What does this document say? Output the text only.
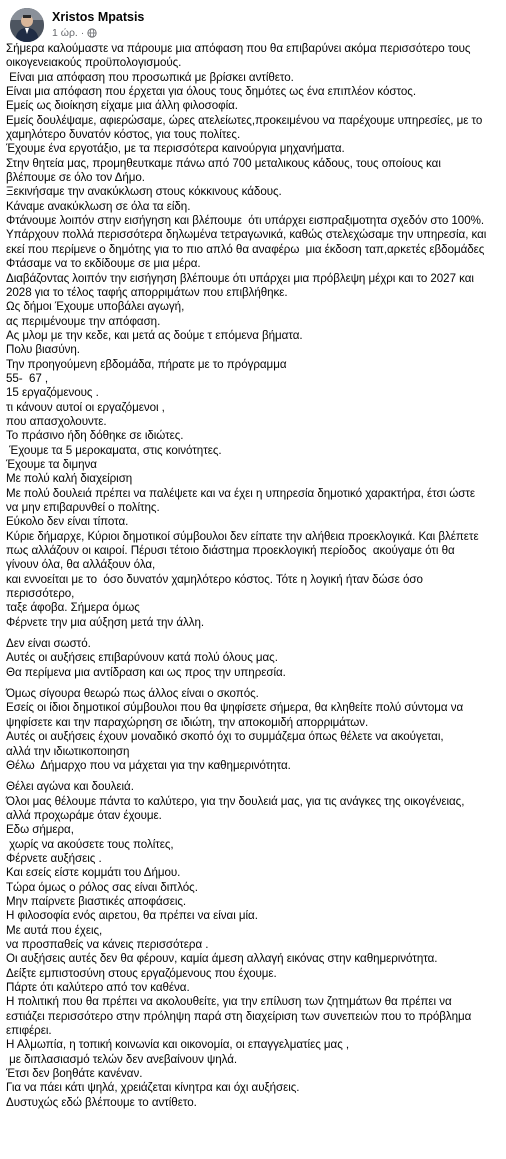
Xristos Mpatsis
1 ώρ. ·
Σήμερα καλούμαστε να πάρουμε μια απόφαση που θα επιβαρύνει ακόμα περισσότερο τους
οικογενειακούς προϋπολογισμούς.
Είναι μια απόφαση που προσωπικά με βρίσκει αντίθετο.
Είναι μια απόφαση που έρχεται για όλους τους δημότες ως ένα επιπλέον κόστος.
Εμείς ως διοίκηση είχαμε μια άλλη φιλοσοφία.
Εμείς δουλέψαμε, αφιερώσαμε, ώρες ατελείωτες,προκειμένου να παρέχουμε υπηρεσίες, με το
χαμηλότερο δυνατόν κόστος, για τους πολίτες.
Έχουμε ένα εργοτάξιο, με τα περισσότερα καινούργια μηχανήματα.
Στην θητεία μας, προμηθευτκαμε πάνω από 700 μεταλικους κάδους, τους οποίους και
βλέπουμε σε όλο τον Δήμο.
Ξεκινήσαμε την ανακύκλωση στους κόκκινους κάδους.
Κάναμε ανακύκλωση σε όλα τα είδη.
Φτάνουμε λοιπόν στην εισήγηση και βλέπουμε  ότι υπάρχει εισπραξιμοτητα σχεδόν στο 100%.
Υπάρχουν πολλά περισσότερα δηλωμένα τετραγωνικά, καθώς στελεχώσαμε την υπηρεσία, και
εκεί που περίμενε ο δημότης για το πιο απλό θα αναφέρω  μια έκδοση ταπ,αρκετές εβδομάδες
Φτάσαμε να το εκδίδουμε σε μια μέρα.
Διαβάζοντας λοιπόν την εισήγηση βλέπουμε ότι υπάρχει μια πρόβλεψη μέχρι και το 2027 και
2028 για το τέλος ταφής απορριμάτων που επιβλήθηκε.
Ως δήμοι Έχουμε υποβάλει αγωγή,
ας περιμένουμε την απόφαση.
Ας μλομ με την κεδε, και μετά ας δούμε τ επόμενα βήματα.
Πολυ βιασύνη.
Την προηγούμενη εβδομάδα, πήρατε με το πρόγραμμα
55-  67 ,
15 εργαζόμενους .
τι κάνουν αυτοί οι εργαζόμενοι ,
που απασχολουντε.
Το πράσινο ήδη δόθηκε σε ιδιώτες.
Έχουμε τα 5 μεροκαματα, στις κοινότητες.
Έχουμε τα διμηνα
Με πολύ καλή διαχείριση
Με πολύ δουλειά πρέπει να παλέψετε και να έχει η υπηρεσία δημοτικό χαρακτήρα, έτσι ώστε
να μην επιβαρυνθεί ο πολίτης.
Εύκολο δεν είναι τίποτα.
Κύριε δήμαρχε, Κύριοι δημοτικοί σύμβουλοι δεν είπατε την αλήθεια προεκλογικά. Και βλέπετε
πως αλλάζουν οι καιροί. Πέρυσι τέτοιο διάστημα προεκλογική περίοδος  ακούγαμε ότι θα
γίνουν όλα, θα αλλάξουν όλα,
και εννοείται με το  όσο δυνατόν χαμηλότερο κόστος. Τότε η λογική ήταν δώσε όσο
περισσότερο,
ταξε άφοβα. Σήμερα όμως
Φέρνετε την μια αύξηση μετά την άλλη.
Δεν είναι σωστό.
Αυτές οι αυξήσεις επιβαρύνουν κατά πολύ όλους μας.
Θα περίμενα μια αντίδραση και ως προς την υπηρεσία.
Όμως σίγουρα θεωρώ πως άλλος είναι ο σκοπός.
Εσείς οι ίδιοι δημοτικοί σύμβουλοι που θα ψηφίσετε σήμερα, θα κληθείτε πολύ σύντομα να
ψηφίσετε και την παραχώρηση σε ιδιώτη, την αποκομιδή απορριμάτων.
Αυτές οι αυξήσεις έχουν μοναδικό σκοπό όχι το συμμάζεμα όπως θέλετε να ακούγεται,
αλλά την ιδιωτικοποιηση
Θέλω  Δήμαρχο που να μάχεται για την καθημερινότητα.
Θέλει αγώνα και δουλειά.
Όλοι μας θέλουμε πάντα το καλύτερο, για την δουλειά μας, για τις ανάγκες της οικογένειας,
αλλά προχωράμε όταν έχουμε.
Εδω σήμερα,
χωρίς να ακούσετε τους πολίτες,
Φέρνετε αυξήσεις .
Και εσείς είστε κομμάτι του Δήμου.
Τώρα όμως ο ρόλος σας είναι διπλός.
Μην παίρνετε βιαστικές αποφάσεις.
Η φιλοσοφία ενός αιρετου, θα πρέπει να είναι μία.
Με αυτά που έχεις,
να προσπαθείς να κάνεις περισσότερα .
Οι αυξήσεις αυτές δεν θα φέρουν, καμία άμεση αλλαγή εικόνας στην καθημερινότητα.
Δείξτε εμπιστοσύνη στους εργαζόμενους που έχουμε.
Πάρτε ότι καλύτερο από τον καθένα.
Η πολιτική που θα πρέπει να ακολουθείτε, για την επίλυση των ζητημάτων θα πρέπει να
εστιάζει περισσότερο στην πρόληψη παρά στη διαχείριση των συνεπειών που το πρόβλημα
επιφέρει.
Η Αλμωπία, η τοπική κοινωνία και οικονομία, οι επαγγελματίες μας ,
με διπλασιασμό τελών δεν ανεβαίνουν ψηλά.
Έτσι δεν βοηθάτε κανέναν.
Για να πάει κάτι ψηλά, χρειάζεται κίνητρα και όχι αυξήσεις.
Δυστυχώς εδώ βλέπουμε το αντίθετο.
